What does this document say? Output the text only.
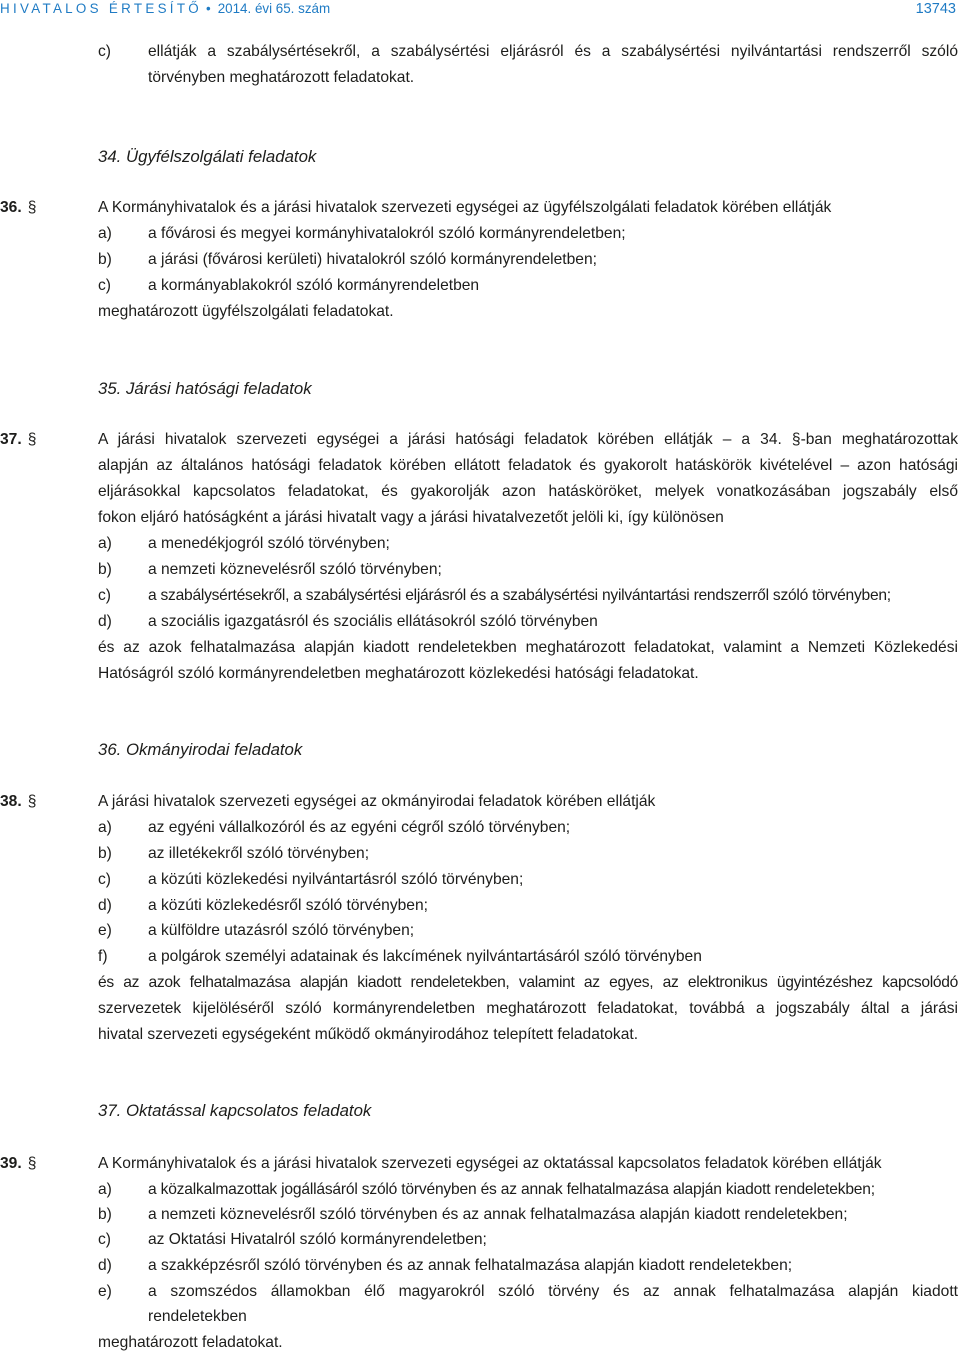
HIVATALOS ÉRTESÍTŐ • 2014. évi 65. szám	13743
c) ellátják a szabálysértésekről, a szabálysértési eljárásról és a szabálysértési nyilvántartási rendszerről szóló
törvényben meghatározott feladatokat.
34. Ügyfélszolgálati feladatok
36. §	A Kormányhivatalok és a járási hivatalok szervezeti egységei az ügyfélszolgálati feladatok körében ellátják
a) a fővárosi és megyei kormányhivatalokról szóló kormányrendeletben;
b) a járási (fővárosi kerületi) hivatalokról szóló kormányrendeletben;
c) a kormányablakokról szóló kormányrendeletben
meghatározott ügyfélszolgálati feladatokat.
35. Járási hatósági feladatok
37. §	A járási hivatalok szervezeti egységei a járási hatósági feladatok körében ellátják – a 34. §-ban meghatározottak
alapján az általános hatósági feladatok körében ellátott feladatok és gyakorolt hatáskörök kivételével – azon hatósági
eljárásokkal kapcsolatos feladatokat, és gyakorolják azon hatásköröket, melyek vonatkozásában jogszabály első
fokon eljáró hatóságként a járási hivatalt vagy a járási hivatalvezetőt jelöli ki, így különösen
a) a menedékjogról szóló törvényben;
b) a nemzeti köznevelésről szóló törvényben;
c) a szabálysértésekről, a szabálysértési eljárásról és a szabálysértési nyilvántartási rendszerről szóló törvényben;
d) a szociális igazgatásról és szociális ellátásokról szóló törvényben
és az azok felhatalmazása alapján kiadott rendeletekben meghatározott feladatokat, valamint a Nemzeti Közlekedési
Hatóságról szóló kormányrendeletben meghatározott közlekedési hatósági feladatokat.
36. Okmányirodai feladatok
38. §	A járási hivatalok szervezeti egységei az okmányirodai feladatok körében ellátják
a) az egyéni vállalkozóról és az egyéni cégről szóló törvényben;
b) az illetékekről szóló törvényben;
c) a közúti közlekedési nyilvántartásról szóló törvényben;
d) a közúti közlekedésről szóló törvényben;
e) a külföldre utazásról szóló törvényben;
f)	a polgárok személyi adatainak és lakcímének nyilvántartásáról szóló törvényben
és az azok felhatalmazása alapján kiadott rendeletekben, valamint az egyes, az elektronikus ügyintézéshez kapcsolódó
szervezetek kijelöléséről szóló kormányrendeletben meghatározott feladatokat, továbbá a jogszabály által a járási
hivatal szervezeti egységeként működő okmányirodához telepített feladatokat.
37. Oktatással kapcsolatos feladatok
39. §	A Kormányhivatalok és a járási hivatalok szervezeti egységei az oktatással kapcsolatos feladatok körében ellátják
a) a közalkalmazottak jogállásáról szóló törvényben és az annak felhatalmazása alapján kiadott rendeletekben;
b) a nemzeti köznevelésről szóló törvényben és az annak felhatalmazása alapján kiadott rendeletekben;
c) az Oktatási Hivatalról szóló kormányrendeletben;
d) a szakképzésről szóló törvényben és az annak felhatalmazása alapján kiadott rendeletekben;
e) a szomszédos államokban élő magyarokról szóló törvény és az annak felhatalmazása alapján kiadott
rendeletekben
meghatározott feladatokat.
